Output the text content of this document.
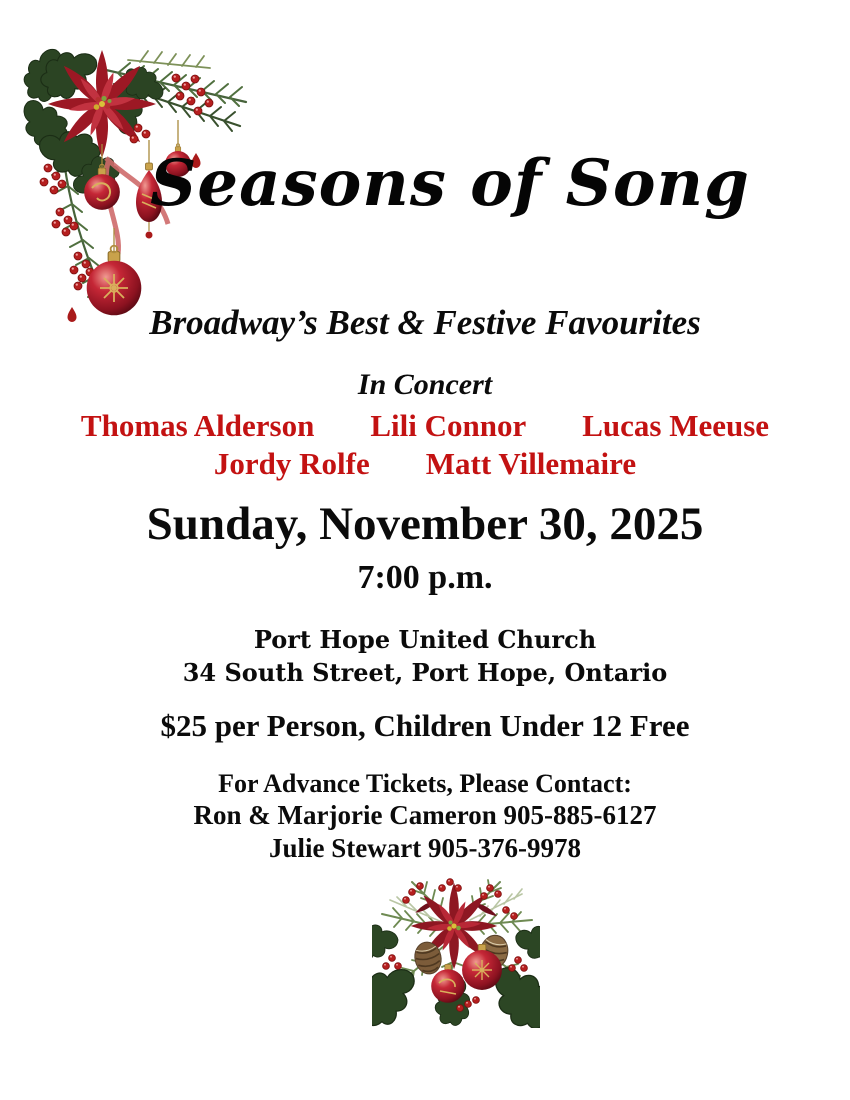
Seasons of Song

Broadway’s Best & Festive Favourites

In Concert

Thomas Alderson Lili Connor Lucas Meeuse
Jordy Rolfe Matt Villemaire

Sunday, November 30, 2025

7:00 p.m.

Port Hope United Church

34 South Street, Port Hope, Ontario

$25 per Person, Children Under 12 Free

For Advance Tickets, Please Contact:

Ron & Marjorie Cameron 905-885-6127

Julie Stewart 905-376-9978
